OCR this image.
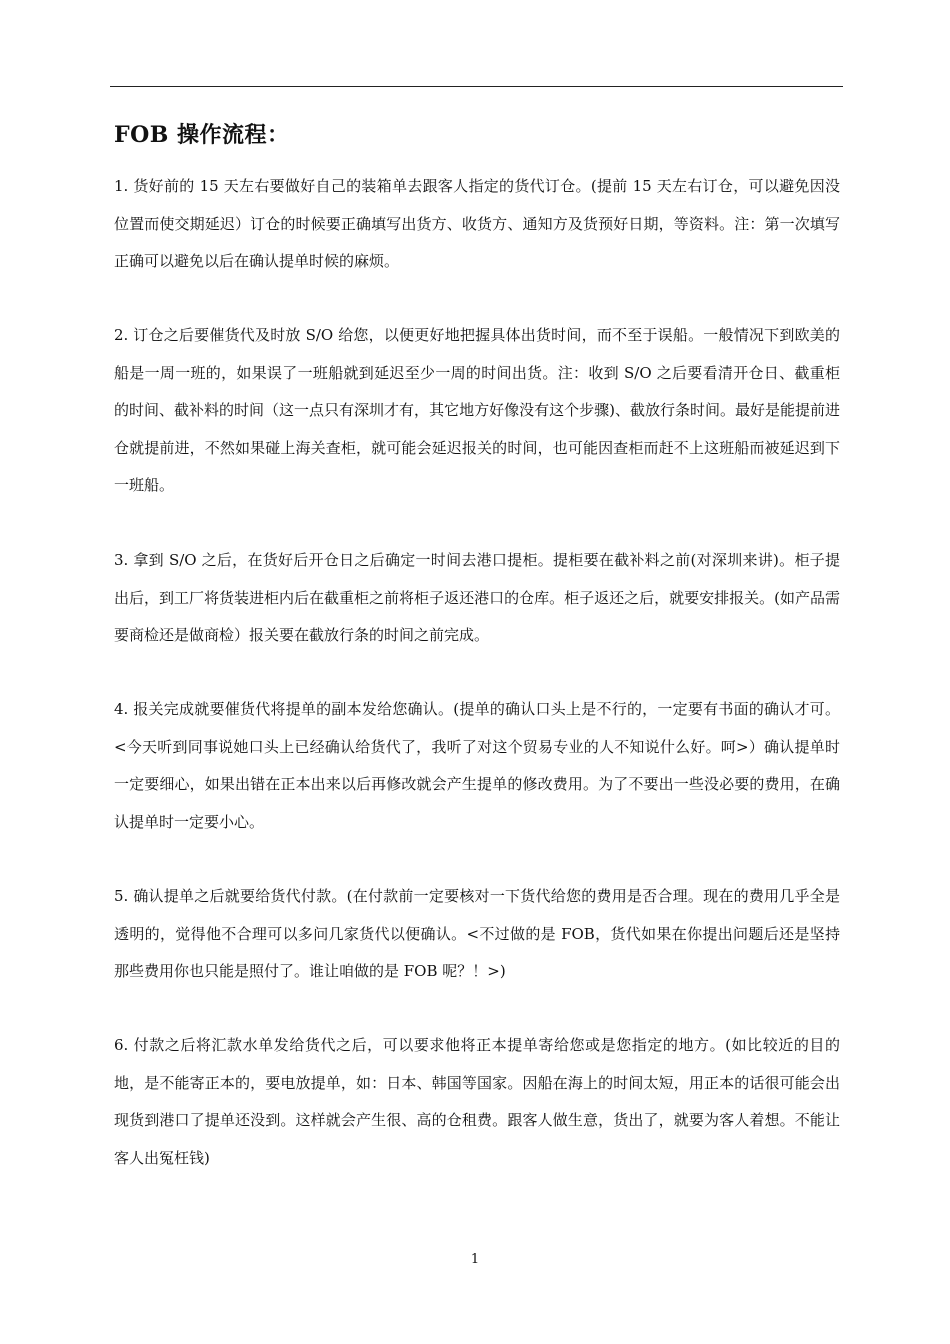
FOB 操作流程：
1. 货好前的 15 天左右要做好自己的装箱单去跟客人指定的货代订仓。(提前 15 天左右订仓，可以避免因没位置而使交期延迟）订仓的时候要正确填写出货方、收货方、通知方及货预好日期，等资料。注：第一次填写正确可以避免以后在确认提单时候的麻烦。
2. 订仓之后要催货代及时放 S/O 给您，以便更好地把握具体出货时间，而不至于误船。一般情况下到欧美的船是一周一班的，如果误了一班船就到延迟至少一周的时间出货。注：收到 S/O 之后要看清开仓日、截重柜的时间、截补料的时间（这一点只有深圳才有，其它地方好像没有这个步骤)、截放行条时间。最好是能提前进仓就提前进，不然如果碰上海关查柜，就可能会延迟报关的时间，也可能因查柜而赶不上这班船而被延迟到下一班船。
3. 拿到 S/O 之后，在货好后开仓日之后确定一时间去港口提柜。提柜要在截补料之前(对深圳来讲)。柜子提出后，到工厂将货装进柜内后在截重柜之前将柜子返还港口的仓库。柜子返还之后，就要安排报关。(如产品需要商检还是做商检）报关要在截放行条的时间之前完成。
4. 报关完成就要催货代将提单的副本发给您确认。(提单的确认口头上是不行的，一定要有书面的确认才可。<今天听到同事说她口头上已经确认给货代了，我听了对这个贸易专业的人不知说什么好。呵>）确认提单时一定要细心，如果出错在正本出来以后再修改就会产生提单的修改费用。为了不要出一些没必要的费用，在确认提单时一定要小心。
5. 确认提单之后就要给货代付款。(在付款前一定要核对一下货代给您的费用是否合理。现在的费用几乎全是透明的，觉得他不合理可以多问几家货代以便确认。<不过做的是 FOB，货代如果在你提出问题后还是坚持那些费用你也只能是照付了。谁让咱做的是 FOB 呢？！>)
6. 付款之后将汇款水单发给货代之后，可以要求他将正本提单寄给您或是您指定的地方。(如比较近的目的地，是不能寄正本的，要电放提单，如：日本、韩国等国家。因船在海上的时间太短，用正本的话很可能会出现货到港口了提单还没到。这样就会产生很、高的仓租费。跟客人做生意，货出了，就要为客人着想。不能让客人出冤枉钱)
1
